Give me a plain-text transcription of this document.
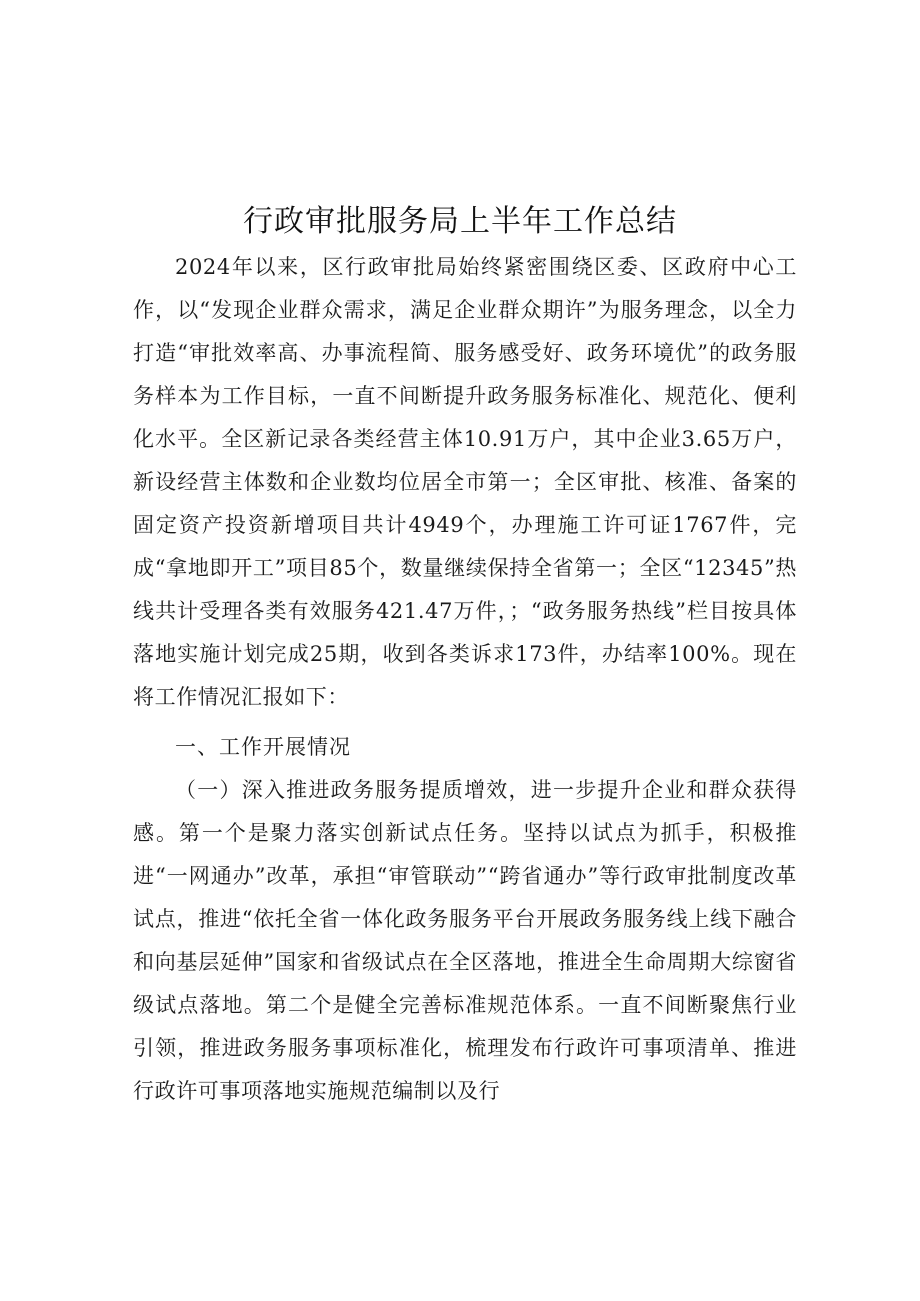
行政审批服务局上半年工作总结

2024年以来，区行政审批局始终紧密围绕区委、区政府中心工作，以“发现企业群众需求，满足企业群众期许”为服务理念，以全力打造“审批效率高、办事流程简、服务感受好、政务环境优”的政务服务样本为工作目标，一直不间断提升政务服务标准化、规范化、便利化水平。全区新记录各类经营主体10.91万户，其中企业3.65万户，新设经营主体数和企业数均位居全市第一；全区审批、核准、备案的固定资产投资新增项目共计4949个，办理施工许可证1767件，完成“拿地即开工”项目85个，数量继续保持全省第一；全区“12345”热线共计受理各类有效服务421.47万件，；“政务服务热线”栏目按具体落地实施计划完成25期，收到各类诉求173件，办结率100%。现在将工作情况汇报如下：

一、工作开展情况

（一）深入推进政务服务提质增效，进一步提升企业和群众获得感。第一个是聚力落实创新试点任务。坚持以试点为抓手，积极推进“一网通办”改革，承担“审管联动”“跨省通办”等行政审批制度改革试点，推进“依托全省一体化政务服务平台开展政务服务线上线下融合和向基层延伸”国家和省级试点在全区落地，推进全生命周期大综窗省级试点落地。第二个是健全完善标准规范体系。一直不间断聚焦行业引领，推进政务服务事项标准化，梳理发布行政许可事项清单、推进行政许可事项落地实施规范编制以及行
